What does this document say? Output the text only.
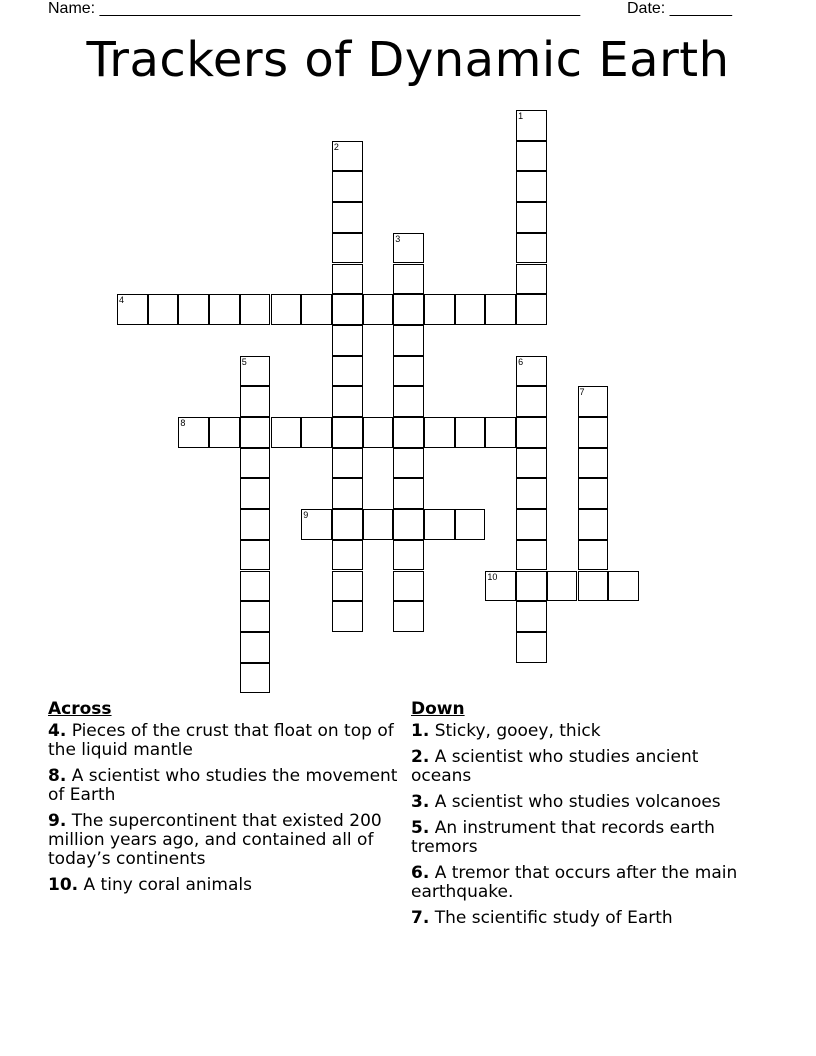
Name: ______________________________________________________	Date: _______
Trackers of Dynamic Earth
1
2
3
4
5	6
7
8
9
10
Across
4. Pieces of the crust that float on top of the liquid mantle
8. A scientist who studies the movement of Earth
9. The supercontinent that existed 200 million years ago, and contained all of today’s continents
10. A tiny coral animals
Down
1. Sticky, gooey, thick
2. A scientist who studies ancient oceans
3. A scientist who studies volcanoes
5. An instrument that records earth tremors
6. A tremor that occurs after the main earthquake.
7. The scientific study of Earth
